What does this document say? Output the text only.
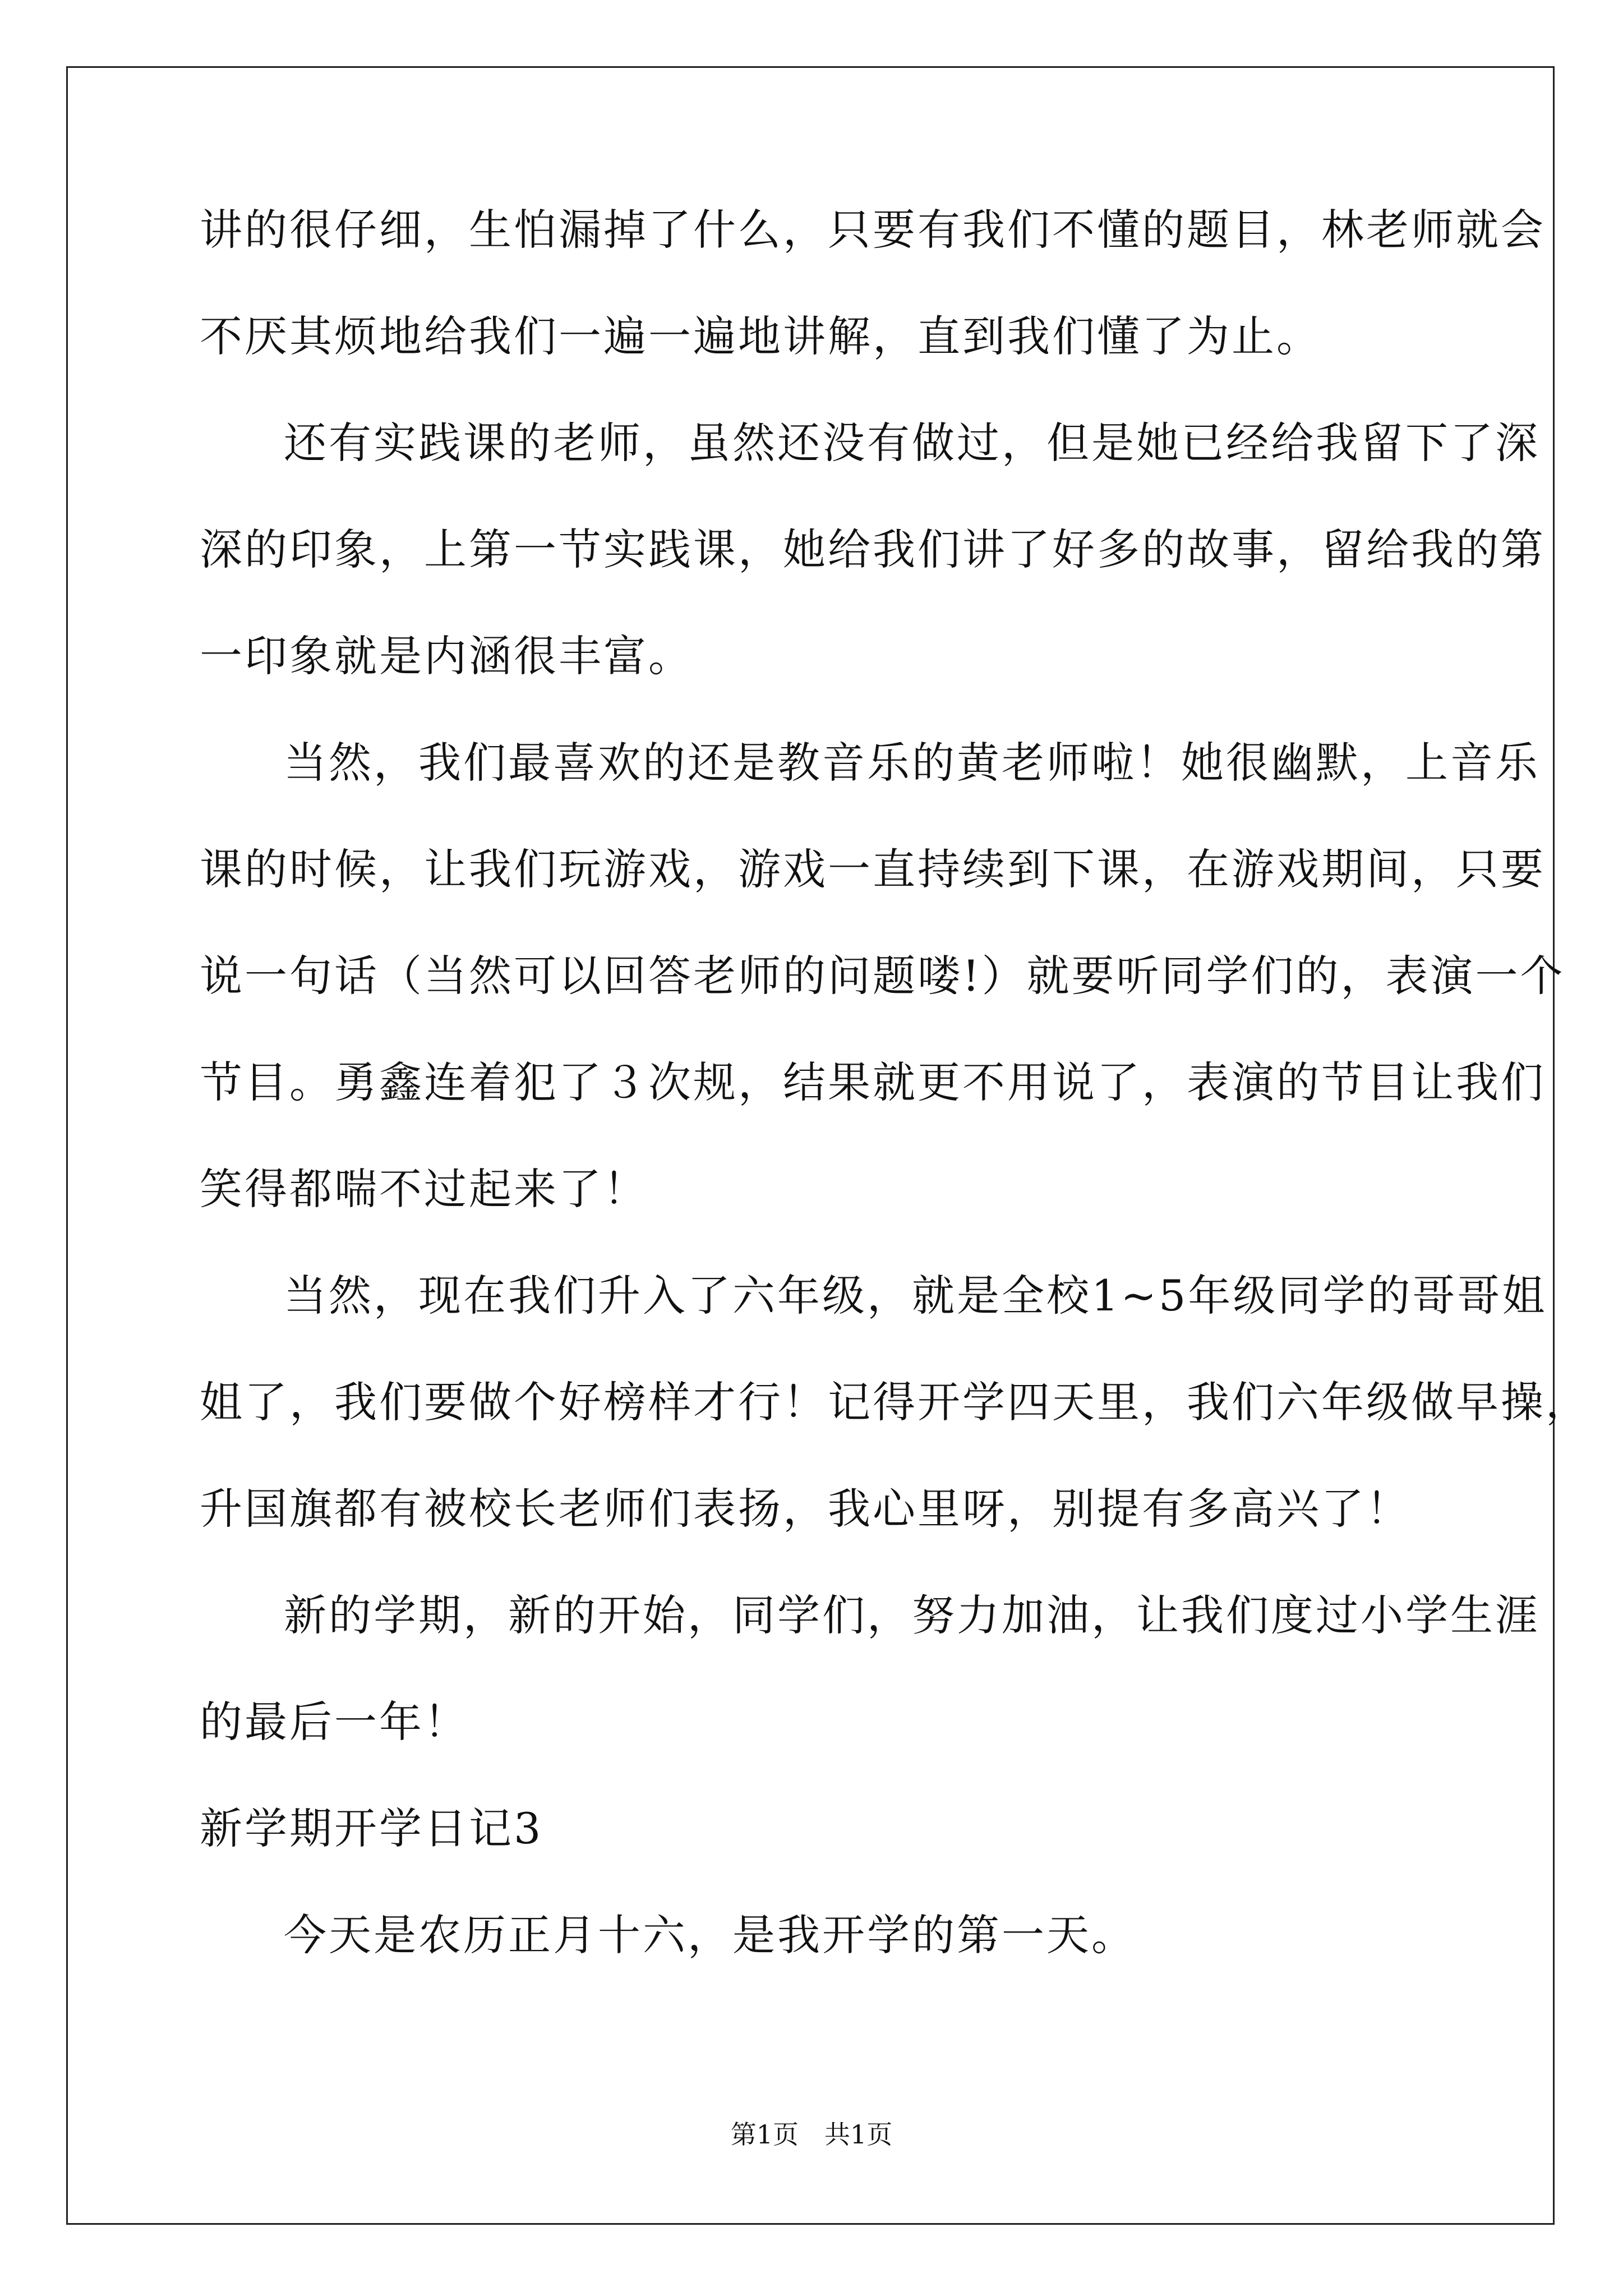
讲的很仔细，生怕漏掉了什么，只要有我们不懂的题目，林老师就会
不厌其烦地给我们一遍一遍地讲解，直到我们懂了为止。
还有实践课的老师，虽然还没有做过，但是她已经给我留下了深
深的印象，上第一节实践课，她给我们讲了好多的故事，留给我的第
一印象就是内涵很丰富。
当然，我们最喜欢的还是教音乐的黄老师啦！她很幽默，上音乐
课的时候，让我们玩游戏，游戏一直持续到下课，在游戏期间，只要
说一句话（当然可以回答老师的问题喽!）就要听同学们的，表演一个
节目。勇鑫连着犯了３次规，结果就更不用说了，表演的节目让我们
笑得都喘不过起来了！
当然，现在我们升入了六年级，就是全校1~5年级同学的哥哥姐
姐了，我们要做个好榜样才行！记得开学四天里，我们六年级做早操，
升国旗都有被校长老师们表扬，我心里呀，别提有多高兴了！
新的学期，新的开始，同学们，努力加油，让我们度过小学生涯
的最后一年！
新学期开学日记3
今天是农历正月十六，是我开学的第一天。
第1页　共1页
